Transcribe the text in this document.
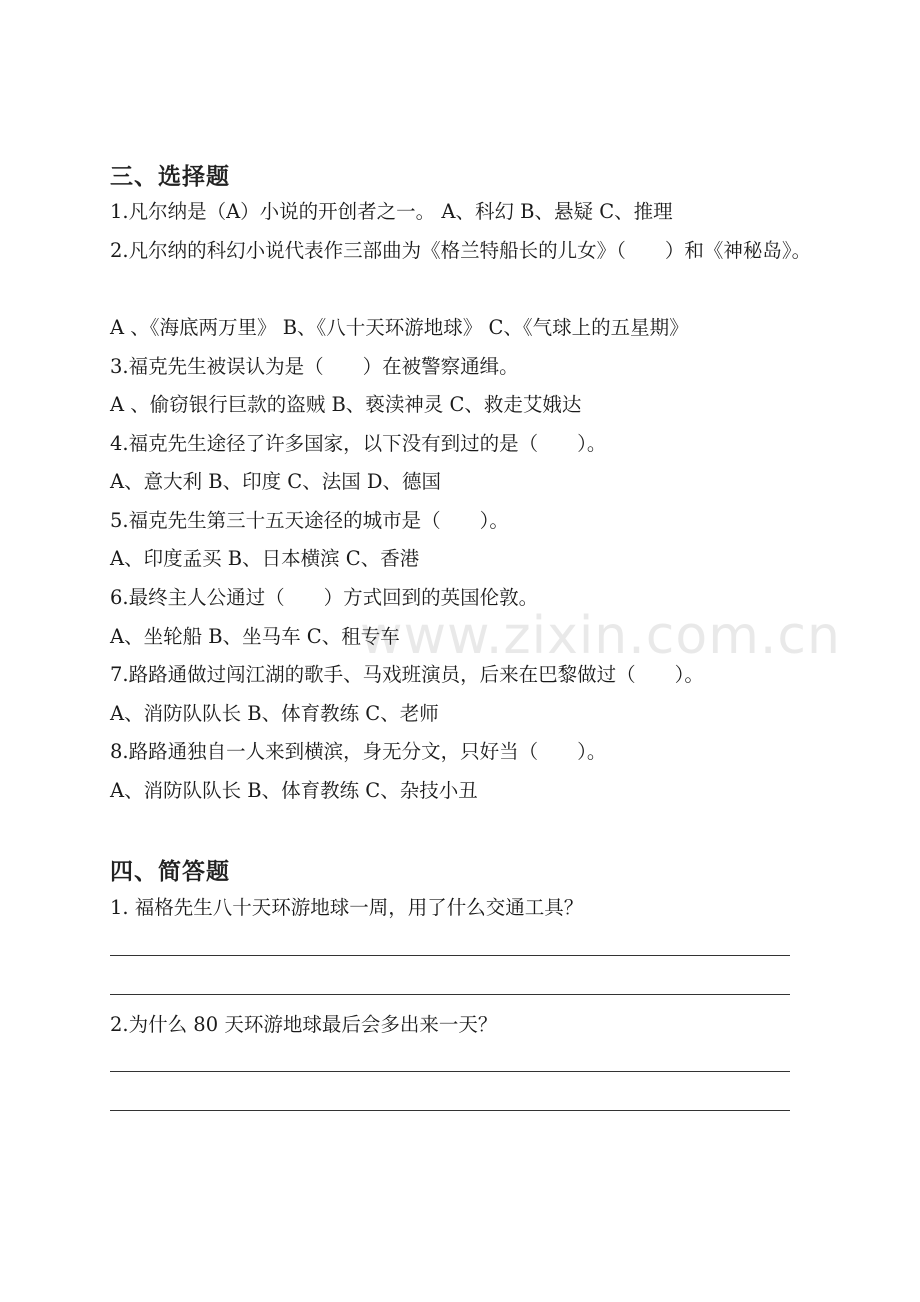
三、选择题
1.凡尔纳是（A）小说的开创者之一。 A、科幻 B、悬疑 C、推理
2.凡尔纳的科幻小说代表作三部曲为《格兰特船长的儿女》（　　）和《神秘岛》。
A 、《海底两万里》 B、《八十天环游地球》 C、《气球上的五星期》
3.福克先生被误认为是（　　）在被警察通缉。
A 、偷窃银行巨款的盗贼 B、亵渎神灵 C、救走艾娥达
4.福克先生途径了许多国家，以下没有到过的是（　　）。
A、意大利 B、印度 C、法国 D、德国
5.福克先生第三十五天途径的城市是（　　）。
A、印度孟买 B、日本横滨 C、香港
6.最终主人公通过（　　）方式回到的英国伦敦。
A、坐轮船 B、坐马车 C、租专车
7.路路通做过闯江湖的歌手、马戏班演员，后来在巴黎做过（　　）。
A、消防队队长 B、体育教练 C、老师
8.路路通独自一人来到横滨，身无分文，只好当（　　）。
A、消防队队长 B、体育教练 C、杂技小丑
四、简答题
1. 福格先生八十天环游地球一周，用了什么交通工具？
2.为什么 80 天环游地球最后会多出来一天？
www.zixin.com.cn
